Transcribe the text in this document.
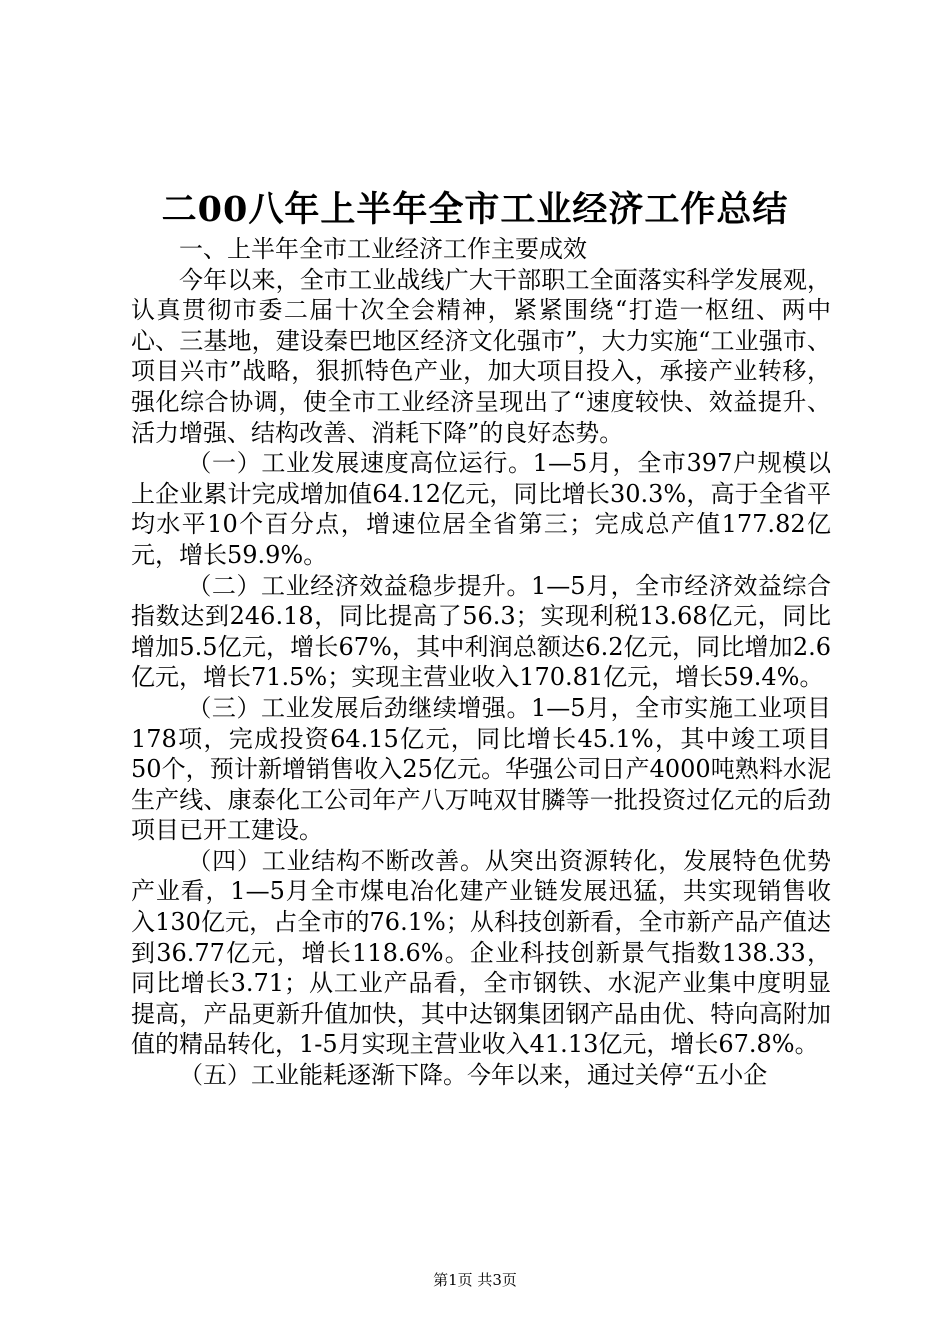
二00八年上半年全市工业经济工作总结

一、上半年全市工业经济工作主要成效

今年以来，全市工业战线广大干部职工全面落实科学发展观，认真贯彻市委二届十次全会精神，紧紧围绕“打造一枢纽、两中心、三基地，建设秦巴地区经济文化强市”，大力实施“工业强市、项目兴市”战略，狠抓特色产业，加大项目投入，承接产业转移，强化综合协调，使全市工业经济呈现出了“速度较快、效益提升、活力增强、结构改善、消耗下降”的良好态势。

（一）工业发展速度高位运行。1—5月，全市397户规模以上企业累计完成增加值64.12亿元，同比增长30.3%，高于全省平均水平10个百分点，增速位居全省第三；完成总产值177.82亿元，增长59.9%。

（二）工业经济效益稳步提升。1—5月，全市经济效益综合指数达到246.18，同比提高了56.3；实现利税13.68亿元，同比增加5.5亿元，增长67%，其中利润总额达6.2亿元，同比增加2.6亿元，增长71.5%；实现主营业收入170.81亿元，增长59.4%。

（三）工业发展后劲继续增强。1—5月，全市实施工业项目178项，完成投资64.15亿元，同比增长45.1%，其中竣工项目50个，预计新增销售收入25亿元。华强公司日产4000吨熟料水泥生产线、康泰化工公司年产八万吨双甘膦等一批投资过亿元的后劲项目已开工建设。

（四）工业结构不断改善。从突出资源转化，发展特色优势产业看，1—5月全市煤电冶化建产业链发展迅猛，共实现销售收入130亿元，占全市的76.1%；从科技创新看，全市新产品产值达到36.77亿元，增长118.6%。企业科技创新景气指数138.33，同比增长3.71；从工业产品看，全市钢铁、水泥产业集中度明显提高，产品更新升值加快，其中达钢集团钢产品由优、特向高附加值的精品转化，1-5月实现主营业收入41.13亿元，增长67.8%。

（五）工业能耗逐渐下降。今年以来，通过关停“五小企

第1页 共3页
